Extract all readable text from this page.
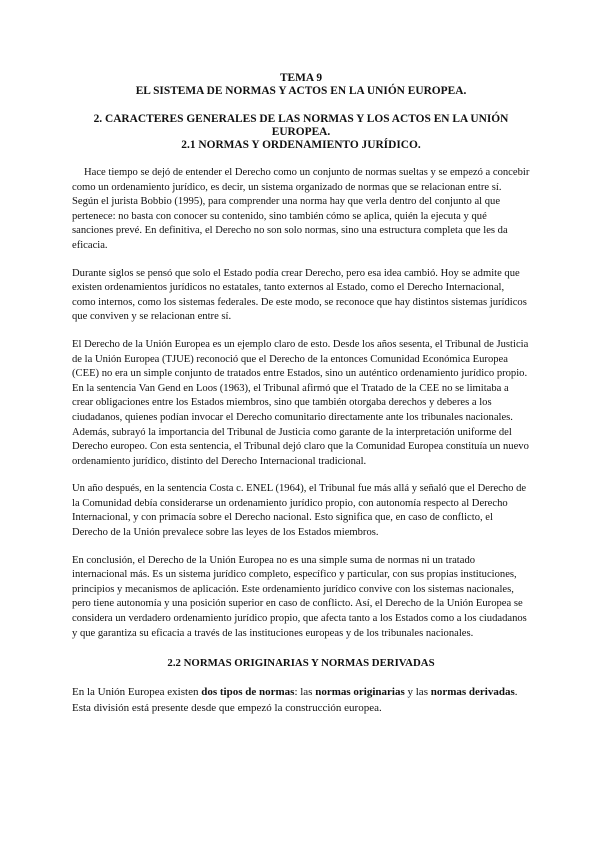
TEMA 9

EL SISTEMA DE NORMAS Y ACTOS EN LA UNIÓN EUROPEA.

2. CARACTERES GENERALES DE LAS NORMAS Y LOS ACTOS EN LA UNIÓN

EUROPEA.

2.1 NORMAS Y ORDENAMIENTO JURÍDICO.

Hace tiempo se dejó de entender el Derecho como un conjunto de normas sueltas y se empezó a concebir como un ordenamiento jurídico, es decir, un sistema organizado de normas que se relacionan entre sí. Según el jurista Bobbio (1995), para comprender una norma hay que verla dentro del conjunto al que pertenece: no basta con conocer su contenido, sino también cómo se aplica, quién la ejecuta y qué sanciones prevé. En definitiva, el Derecho no son solo normas, sino una estructura completa que les da eficacia.

Durante siglos se pensó que solo el Estado podía crear Derecho, pero esa idea cambió. Hoy se admite que existen ordenamientos jurídicos no estatales, tanto externos al Estado, como el Derecho Internacional, como internos, como los sistemas federales. De este modo, se reconoce que hay distintos sistemas jurídicos que conviven y se relacionan entre sí.

El Derecho de la Unión Europea es un ejemplo claro de esto. Desde los años sesenta, el Tribunal de Justicia de la Unión Europea (TJUE) reconoció que el Derecho de la entonces Comunidad Económica Europea (CEE) no era un simple conjunto de tratados entre Estados, sino un auténtico ordenamiento jurídico propio. En la sentencia Van Gend en Loos (1963), el Tribunal afirmó que el Tratado de la CEE no se limitaba a crear obligaciones entre los Estados miembros, sino que también otorgaba derechos y deberes a los ciudadanos, quienes podían invocar el Derecho comunitario directamente ante los tribunales nacionales. Además, subrayó la importancia del Tribunal de Justicia como garante de la interpretación uniforme del Derecho europeo. Con esta sentencia, el Tribunal dejó claro que la Comunidad Europea constituía un nuevo ordenamiento jurídico, distinto del Derecho Internacional tradicional.

Un año después, en la sentencia Costa c. ENEL (1964), el Tribunal fue más allá y señaló que el Derecho de la Comunidad debía considerarse un ordenamiento jurídico propio, con autonomía respecto al Derecho Internacional, y con primacía sobre el Derecho nacional. Esto significa que, en caso de conflicto, el Derecho de la Unión prevalece sobre las leyes de los Estados miembros.

En conclusión, el Derecho de la Unión Europea no es una simple suma de normas ni un tratado internacional más. Es un sistema jurídico completo, específico y particular, con sus propias instituciones, principios y mecanismos de aplicación. Este ordenamiento jurídico convive con los sistemas nacionales, pero tiene autonomía y una posición superior en caso de conflicto. Así, el Derecho de la Unión Europea se considera un verdadero ordenamiento jurídico propio, que afecta tanto a los Estados como a los ciudadanos y que garantiza su eficacia a través de las instituciones europeas y de los tribunales nacionales.

2.2 NORMAS ORIGINARIAS Y NORMAS DERIVADAS

En la Unión Europea existen dos tipos de normas: las normas originarias y las normas derivadas. Esta división está presente desde que empezó la construcción europea.
